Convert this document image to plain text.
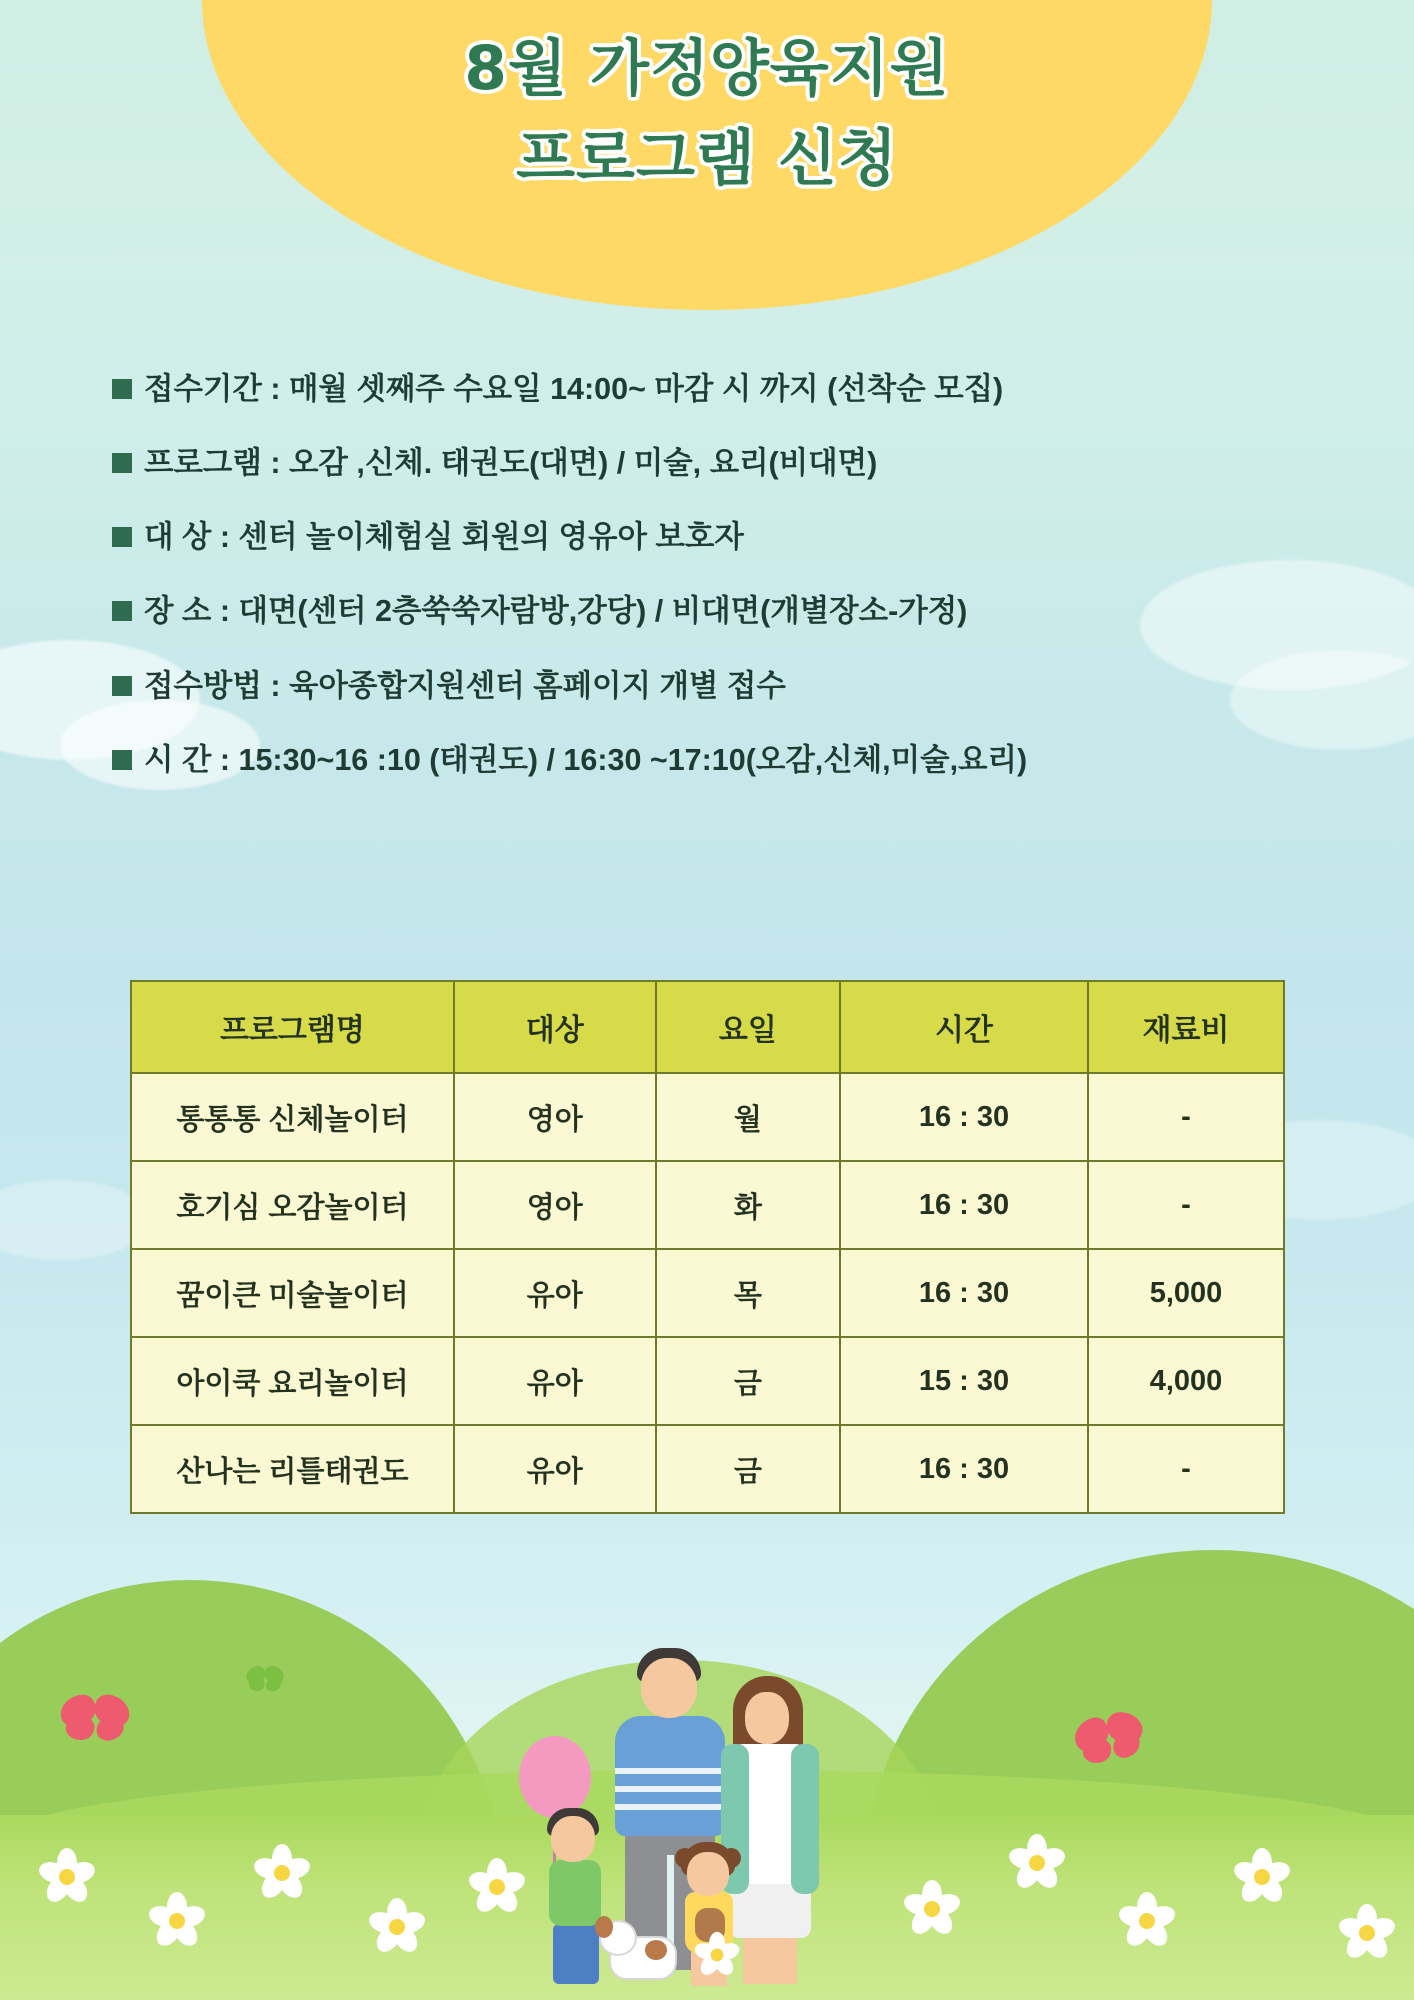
8월 가정양육지원
프로그램 신청
접수기간 : 매월 셋째주 수요일 14:00~ 마감 시 까지 (선착순 모집)
프로그램 : 오감 ,신체. 태권도(대면) / 미술, 요리(비대면)
대 상 : 센터 놀이체험실 회원의 영유아 보호자
장 소 : 대면(센터 2층쑥쑥자람방,강당) / 비대면(개별장소-가정)
접수방법 : 육아종합지원센터 홈페이지 개별 접수
시 간 : 15:30~16 :10 (태권도) / 16:30 ~17:10(오감,신체,미술,요리)
프로그램명	대상	요일	시간	재료비
통통통 신체놀이터	영아	월	16 : 30	-
호기심 오감놀이터	영아	화	16 : 30	-
꿈이큰 미술놀이터	유아	목	16 : 30	5,000
아이쿡 요리놀이터	유아	금	15 : 30	4,000
산나는 리틀태권도	유아	금	16 : 30	-
